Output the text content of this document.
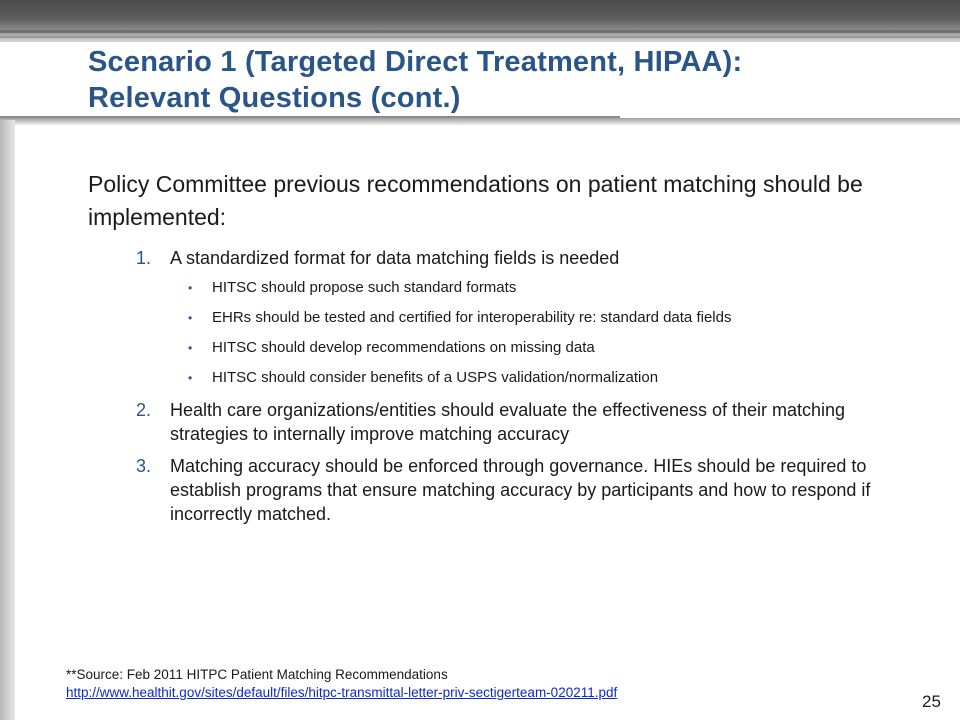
Scenario 1 (Targeted Direct Treatment, HIPAA):
Relevant Questions (cont.)

Policy Committee previous recommendations on patient matching should be implemented:

1. A standardized format for data matching fields is needed
• HITSC should propose such standard formats
• EHRs should be tested and certified for interoperability re: standard data fields
• HITSC should develop recommendations on missing data
• HITSC should consider benefits of a USPS validation/normalization
2. Health care organizations/entities should evaluate the effectiveness of their matching strategies to internally improve matching accuracy
3. Matching accuracy should be enforced through governance. HIEs should be required to establish programs that ensure matching accuracy by participants and how to respond if incorrectly matched.

**Source: Feb 2011 HITPC Patient Matching Recommendations

http://www.healthit.gov/sites/default/files/hitpc-transmittal-letter-priv-sectigerteam-020211.pdf	25
